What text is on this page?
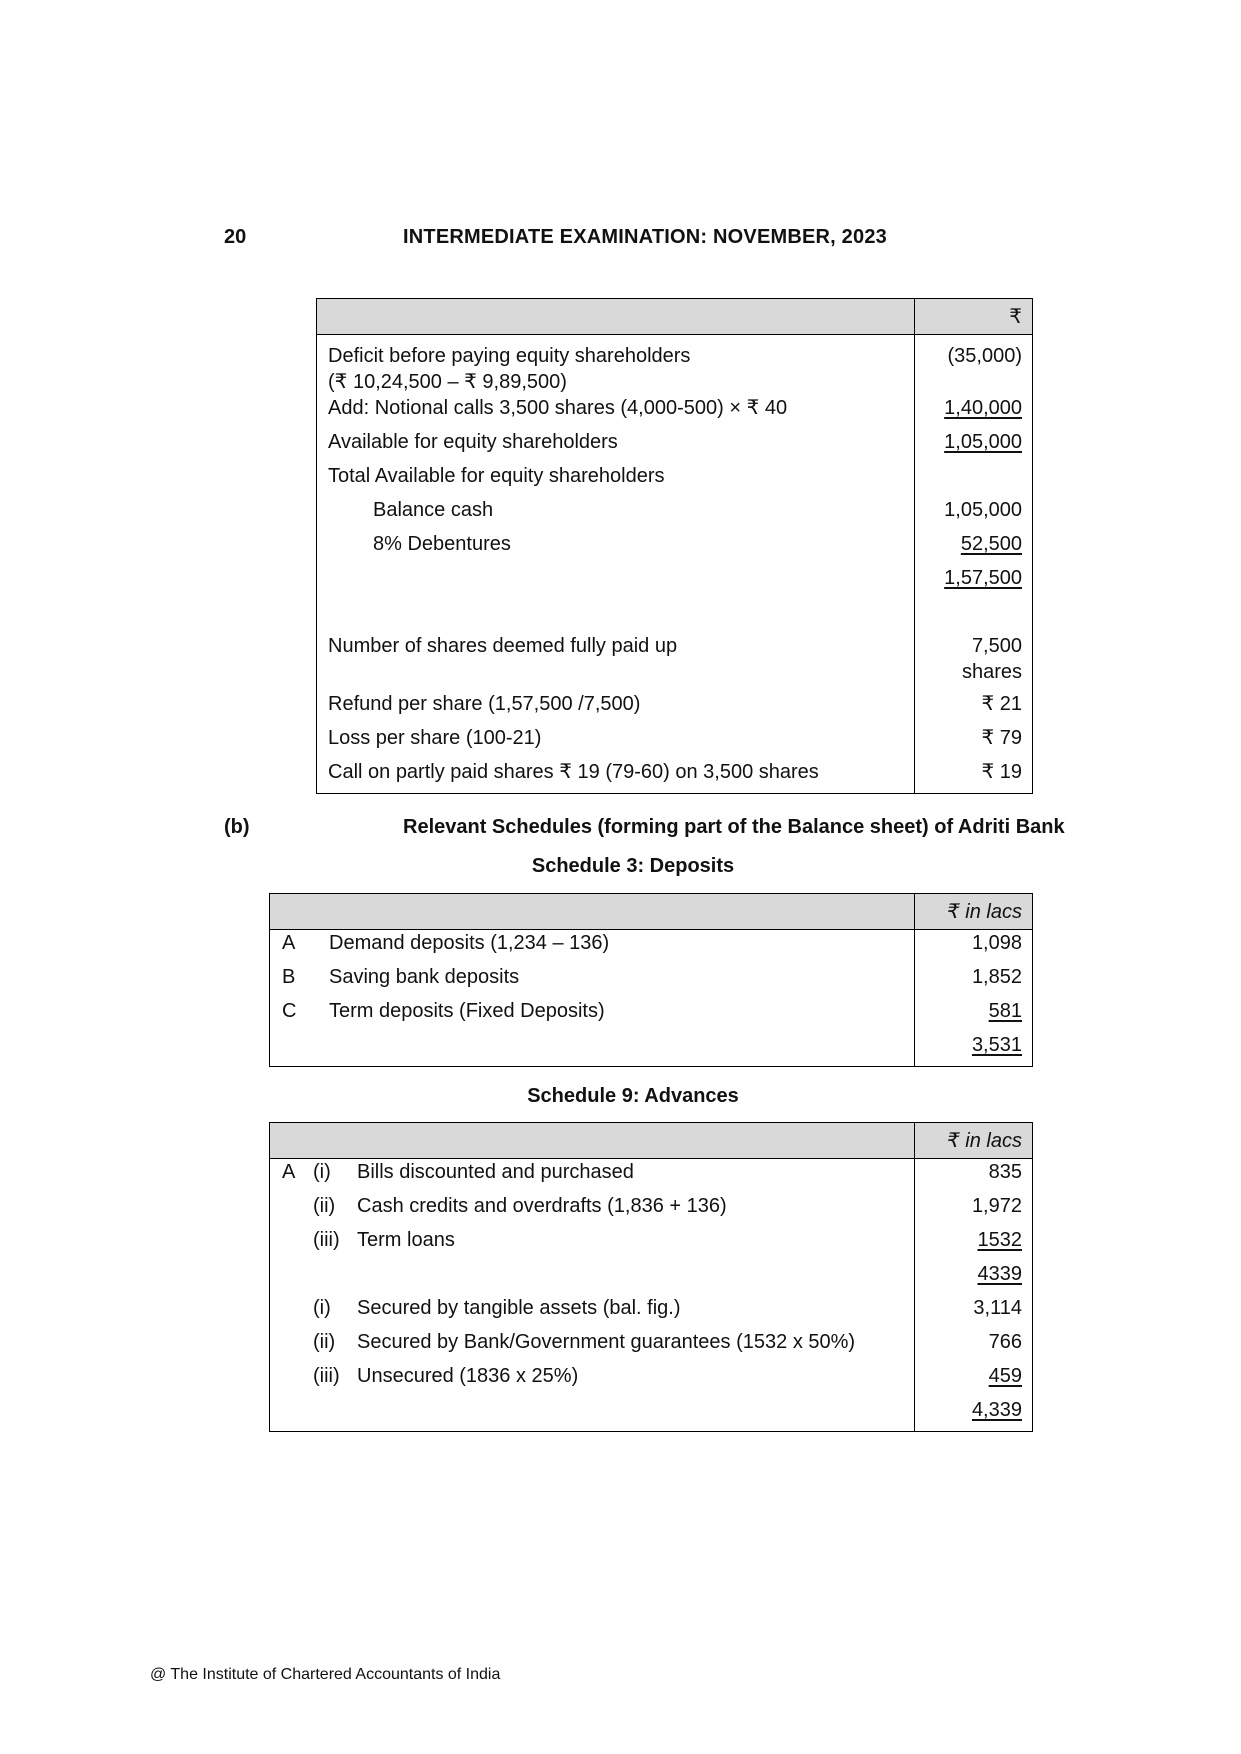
20	INTERMEDIATE EXAMINATION: NOVEMBER, 2023
	₹
Deficit before paying equity shareholders
(₹ 10,24,500 – ₹ 9,89,500)	(35,000)
Add: Notional calls 3,500 shares (4,000-500) × ₹ 40	1,40,000
Available for equity shareholders	1,05,000
Total Available for equity shareholders	
Balance cash	1,05,000
8% Debentures	52,500
	1,57,500

Number of shares deemed fully paid up	7,500
shares
Refund per share (1,57,500 /7,500)	₹ 21
Loss per share (100-21)	₹ 79
Call on partly paid shares ₹ 19 (79-60) on 3,500 shares	₹ 19
(b)	Relevant Schedules (forming part of the Balance sheet) of Adriti Bank
Schedule 3: Deposits
		₹ in lacs
A	Demand deposits (1,234 – 136)	1,098
B	Saving bank deposits	1,852
C	Term deposits (Fixed Deposits)	581
		3,531
Schedule 9: Advances
			₹ in lacs
A	(i)	Bills discounted and purchased	835
	(ii)	Cash credits and overdrafts (1,836 + 136)	1,972
	(iii)	Term loans	1532
			4339
	(i)	Secured by tangible assets (bal. fig.)	3,114
	(ii)	Secured by Bank/Government guarantees (1532 x 50%)	766
	(iii)	Unsecured (1836 x 25%)	459
			4,339
@ The Institute of Chartered Accountants of India
